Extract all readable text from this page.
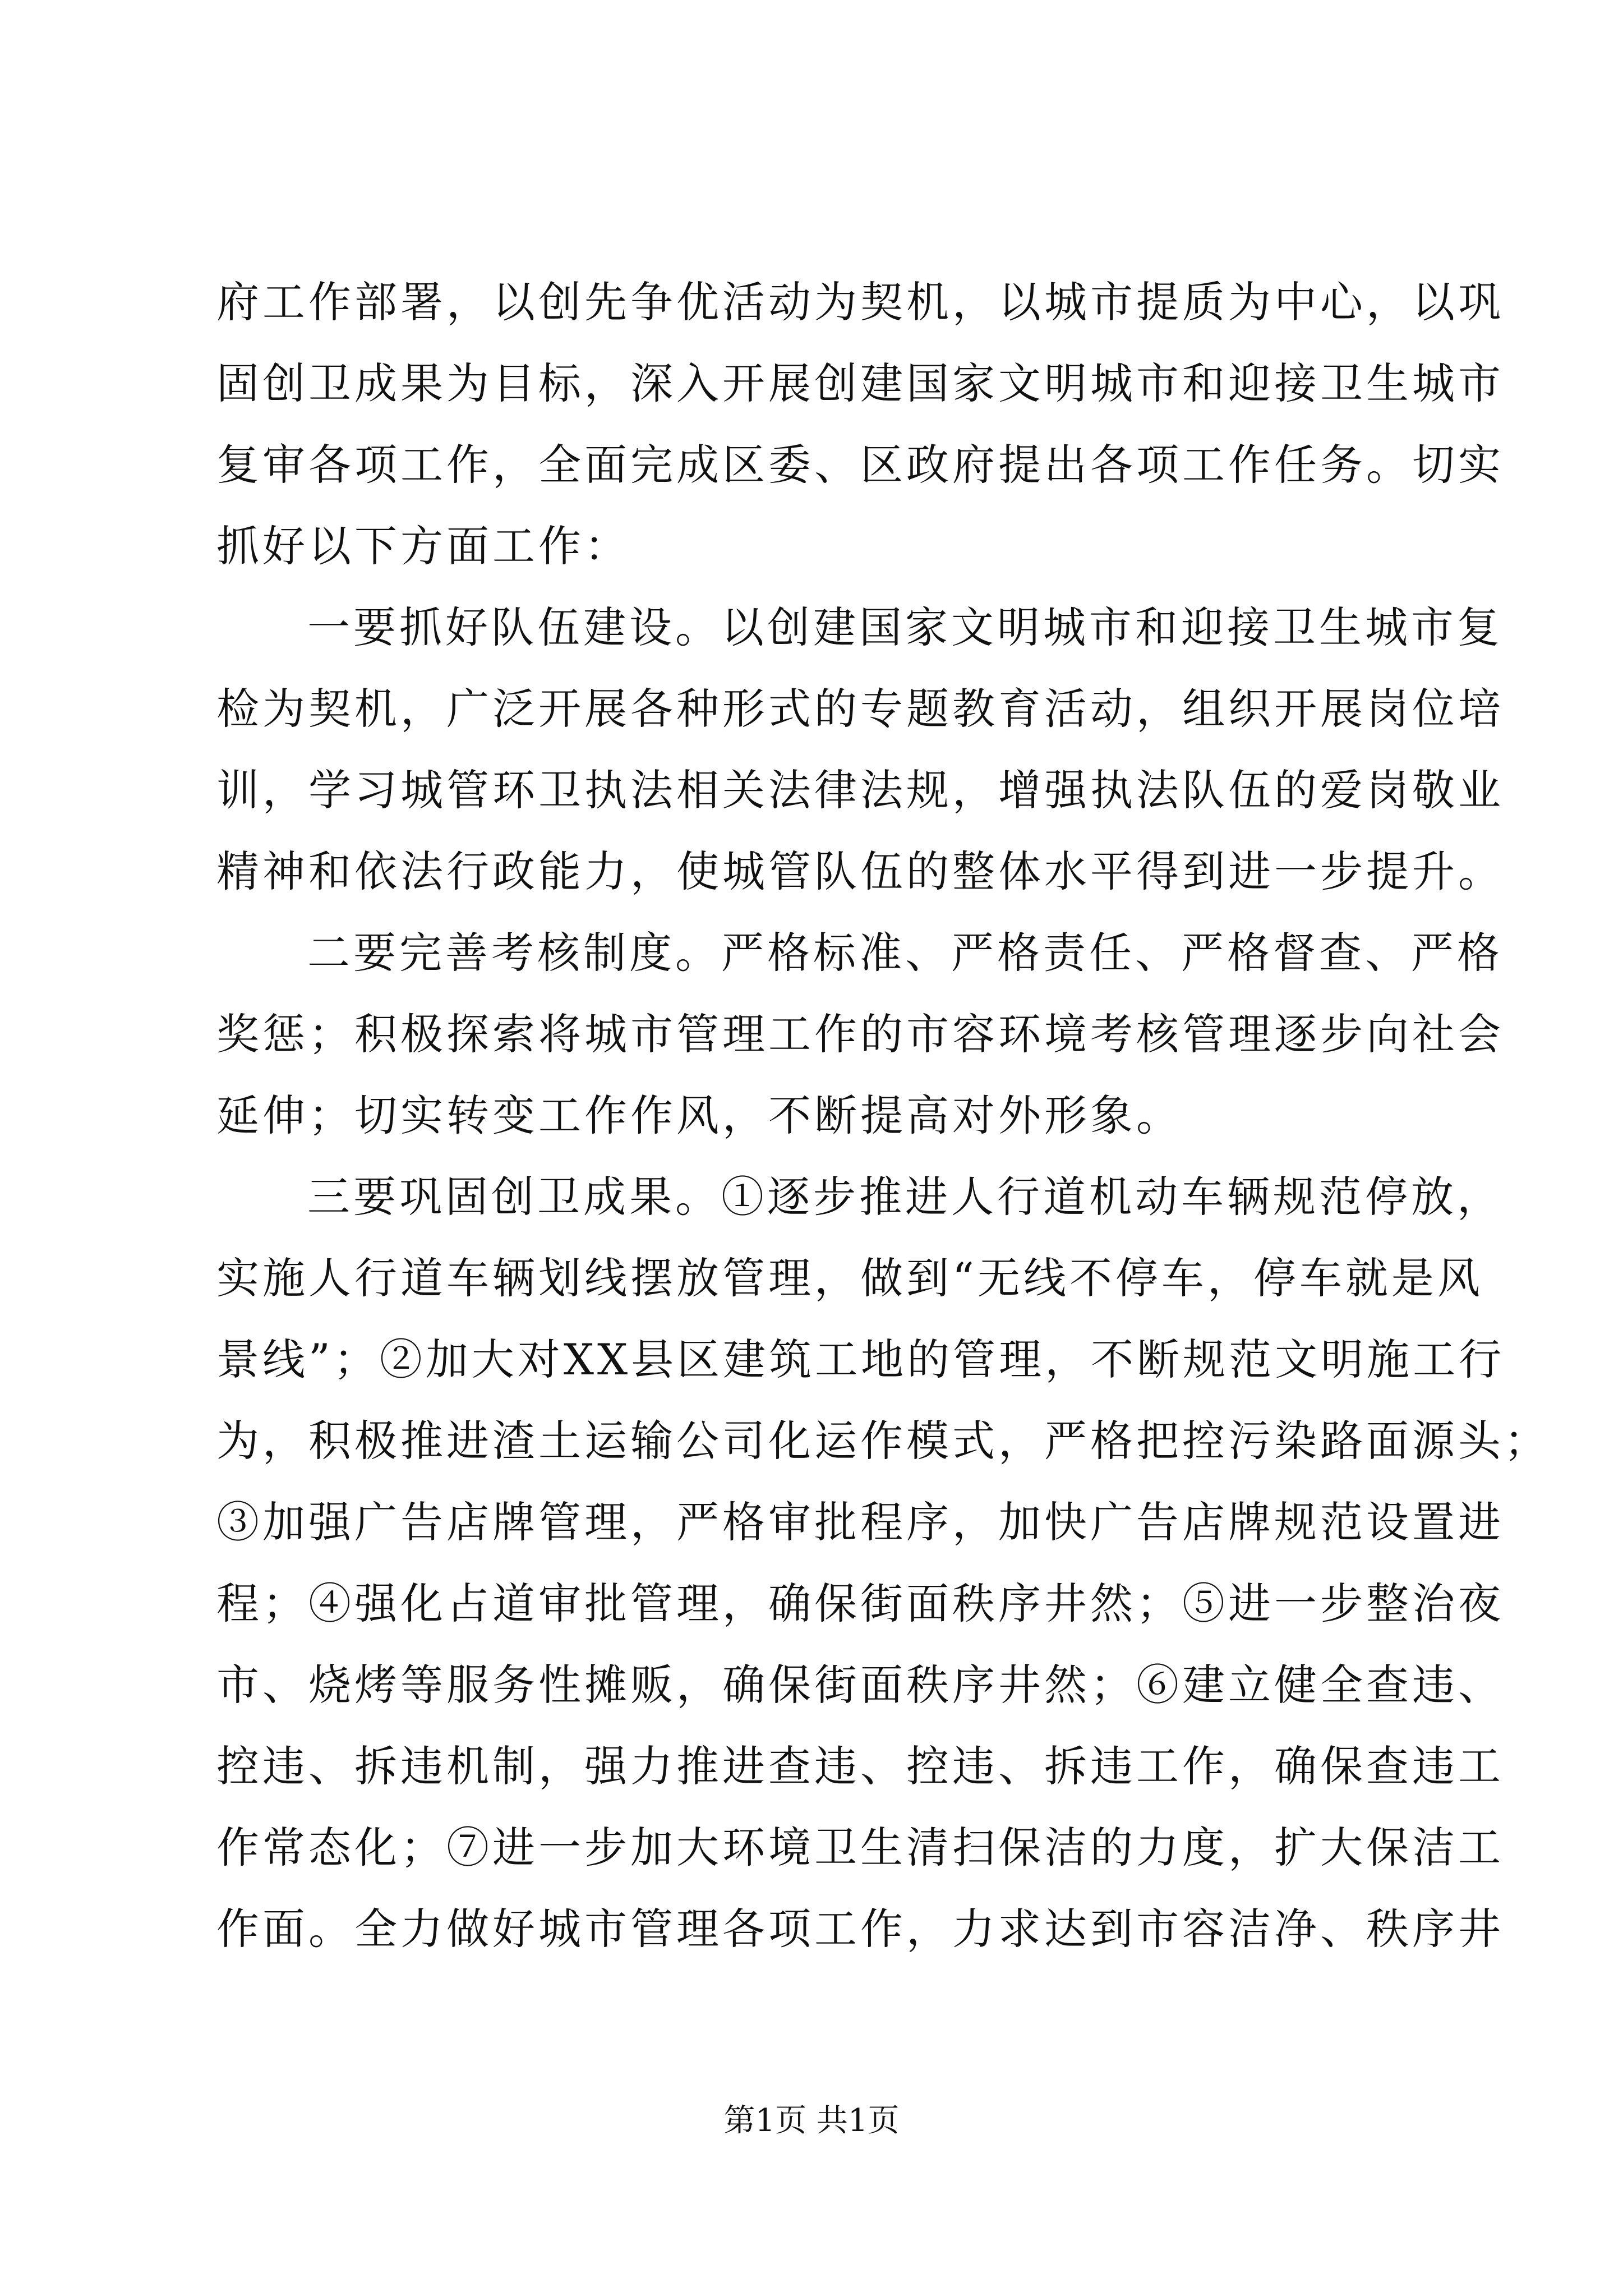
府工作部署，以创先争优活动为契机，以城市提质为中心，以巩
固创卫成果为目标，深入开展创建国家文明城市和迎接卫生城市
复审各项工作，全面完成区委、区政府提出各项工作任务。切实
抓好以下方面工作：
一要抓好队伍建设。以创建国家文明城市和迎接卫生城市复
检为契机，广泛开展各种形式的专题教育活动，组织开展岗位培
训，学习城管环卫执法相关法律法规，增强执法队伍的爱岗敬业
精神和依法行政能力，使城管队伍的整体水平得到进一步提升。
二要完善考核制度。严格标准、严格责任、严格督查、严格
奖惩；积极探索将城市管理工作的市容环境考核管理逐步向社会
延伸；切实转变工作作风，不断提高对外形象。
三要巩固创卫成果。①逐步推进人行道机动车辆规范停放，
实施人行道车辆划线摆放管理，做到“无线不停车，停车就是风
景线”；②加大对XX县区建筑工地的管理，不断规范文明施工行
为，积极推进渣土运输公司化运作模式，严格把控污染路面源头；
③加强广告店牌管理，严格审批程序，加快广告店牌规范设置进
程；④强化占道审批管理，确保街面秩序井然；⑤进一步整治夜
市、烧烤等服务性摊贩，确保街面秩序井然；⑥建立健全查违、
控违、拆违机制，强力推进查违、控违、拆违工作，确保查违工
作常态化；⑦进一步加大环境卫生清扫保洁的力度，扩大保洁工
作面。全力做好城市管理各项工作，力求达到市容洁净、秩序井
第1页 共1页
